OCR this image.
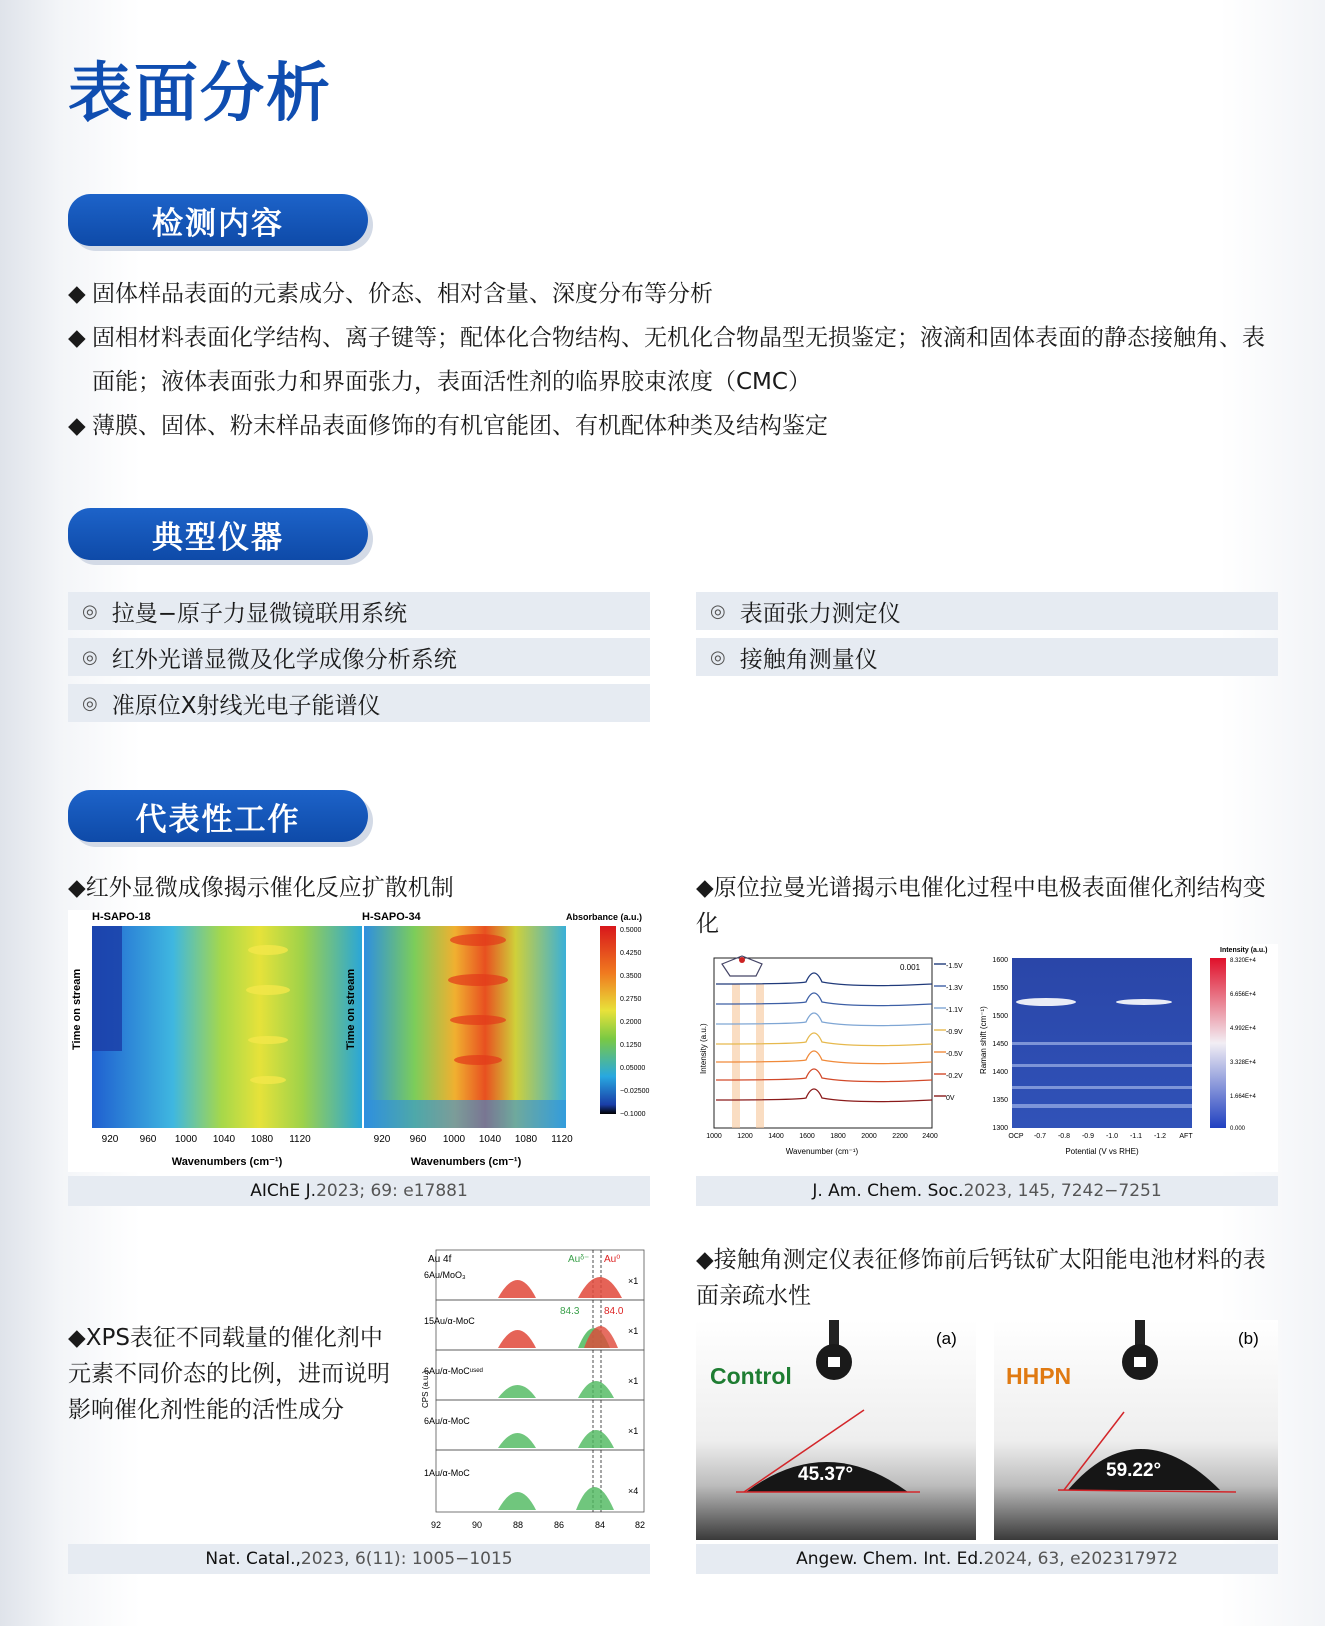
表面分析
检测内容

◆ 固体样品表面的元素成分、价态、相对含量、深度分布等分析

◆ 固相材料表面化学结构、离子键等；配体化合物结构、无机化合物晶型无损鉴定；液滴和固体表面的静态接触角、表面能；液体表面张力和界面张力，表面活性剂的临界胶束浓度（CMC）

◆ 薄膜、固体、粉末样品表面修饰的有机官能团、有机配体种类及结构鉴定

典型仪器
◎ 拉曼−原子力显微镜联用系统
◎ 红外光谱显微及化学成像分析系统
◎ 准原位X射线光电子能谱仪
◎ 表面张力测定仪
◎ 接触角测量仪
代表性工作
◆红外显微成像揭示催化反应扩散机制
H-SAPO-18
920 960 1000 1040 1080 1120
Wavenumbers (cm⁻¹)
Time on stream
H-SAPO-34
920 960 1000 1040 1080 1120
Wavenumbers (cm⁻¹)
Time on stream
Absorbance (a.u.)
0.5000
0.4250
0.3500
0.2750
0.2000
0.1250
0.05000
−0.02500
−0.1000
AIChE J. 2023; 69: e17881
◆原位拉曼光谱揭示电催化过程中电极表面催化剂结构变化
0.001	-1.5V
-1.3V
-1.1V
-0.9V
-0.5V
-0.2V
0V
1000 1200 1400 1600 1800 2000 2200 2400
Wavenumber (cm⁻¹)
Intensity (a.u.)
1600
1550
1500
1450
1400
1350
1300
Raman shift (cm⁻¹)
OCP -0.7 -0.8 -0.9 -1.0 -1.1 -1.2 AFT
Potential (V vs RHE)
Intensity (a.u.)
8.320E+4
6.656E+4
4.992E+4
3.328E+4
1.664E+4
0.000
J. Am. Chem. Soc. 2023, 145, 7242−7251
◆XPS表征不同载量的催化剂中元素不同价态的比例，进而说明影响催化剂性能的活性成分
Au 4f
6Au/MoO₃
15Au/α-MoC
6Au/α-MoCᵘˢᵉᵈ
6Au/α-MoC
1Au/α-MoC
×1
×1
×1
×1
×4
Auᵟ⁻ Au⁰
84.3 84.0
CPS (a.u.)
92	90	88	86	84	82
Nat. Catal., 2023, 6(11): 1005−1015
◆接触角测定仪表征修饰前后钙钛矿太阳能电池材料的表面亲疏水性
Control
(a)
45.37°
HHPN
(b)
59.22°
Angew. Chem. Int. Ed. 2024, 63, e202317972
